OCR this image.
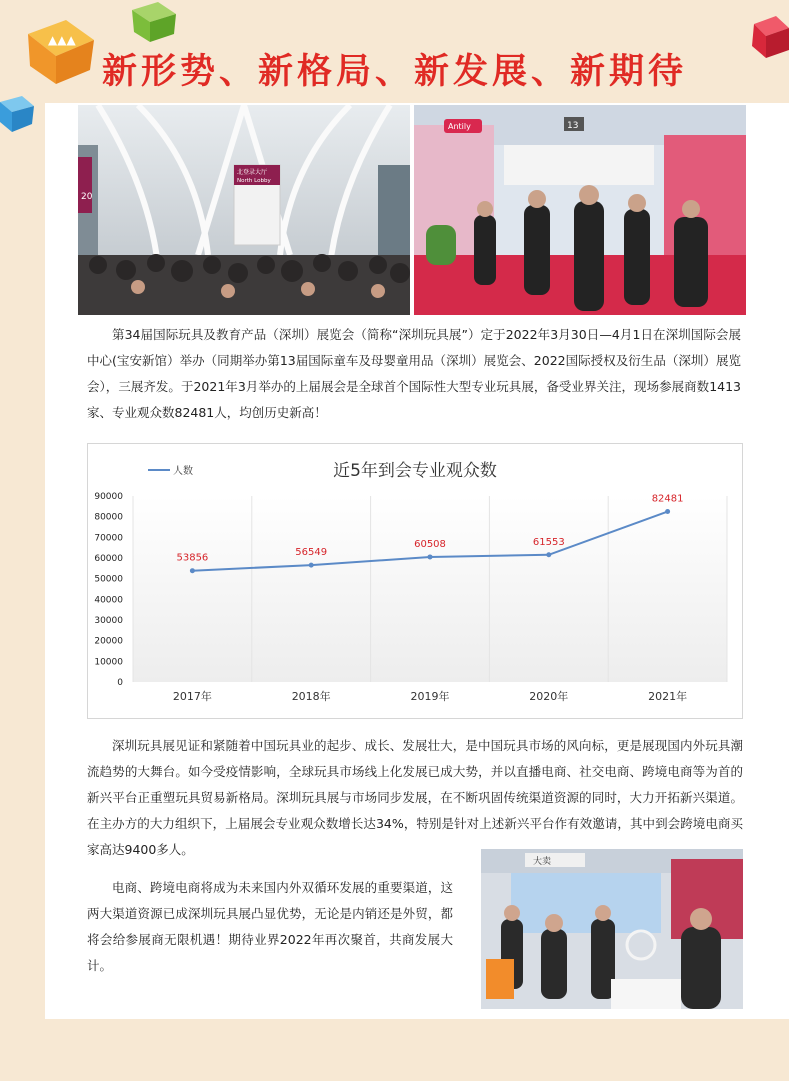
▲▲▲
新形势、新格局、新发展、新期待
20
北登录大厅
North Lobby
Antily	13

第34届国际玩具及教育产品（深圳）展览会（简称“深圳玩具展”）定于2022年3月30日—4月1日在深圳国际会展中心(宝安新馆）举办（同期举办第13届国际童车及母婴童用品（深圳）展览会、2022国际授权及衍生品（深圳）展览会），三展齐发。于2021年3月举办的上届展会是全球首个国际性大型专业玩具展，备受业界关注，现场参展商数1413家、专业观众数82481人，均创历史新高！

0
10000
20000
30000
40000
50000
60000
70000
80000
90000
2017年	2018年	2019年	2020年	2021年
53856
56549
60508	61553
82481
人数	近5年到会专业观众数

深圳玩具展见证和紧随着中国玩具业的起步、成长、发展壮大，是中国玩具市场的风向标，更是展现国内外玩具潮流趋势的大舞台。如今受疫情影响，全球玩具市场线上化发展已成大势，并以直播电商、社交电商、跨境电商等为首的新兴平台正重塑玩具贸易新格局。深圳玩具展与市场同步发展，在不断巩固传统渠道资源的同时，大力开拓新兴渠道。在主办方的大力组织下，上届展会专业观众数增长达34%，特别是针对上述新兴平台作有效邀请，其中到会跨境电商买家高达9400多人。

电商、跨境电商将成为未来国内外双循环发展的重要渠道，这两大渠道资源已成深圳玩具展凸显优势，无论是内销还是外贸，都将会给参展商无限机遇！期待业界2022年再次聚首，共商发展大计。

大卖
